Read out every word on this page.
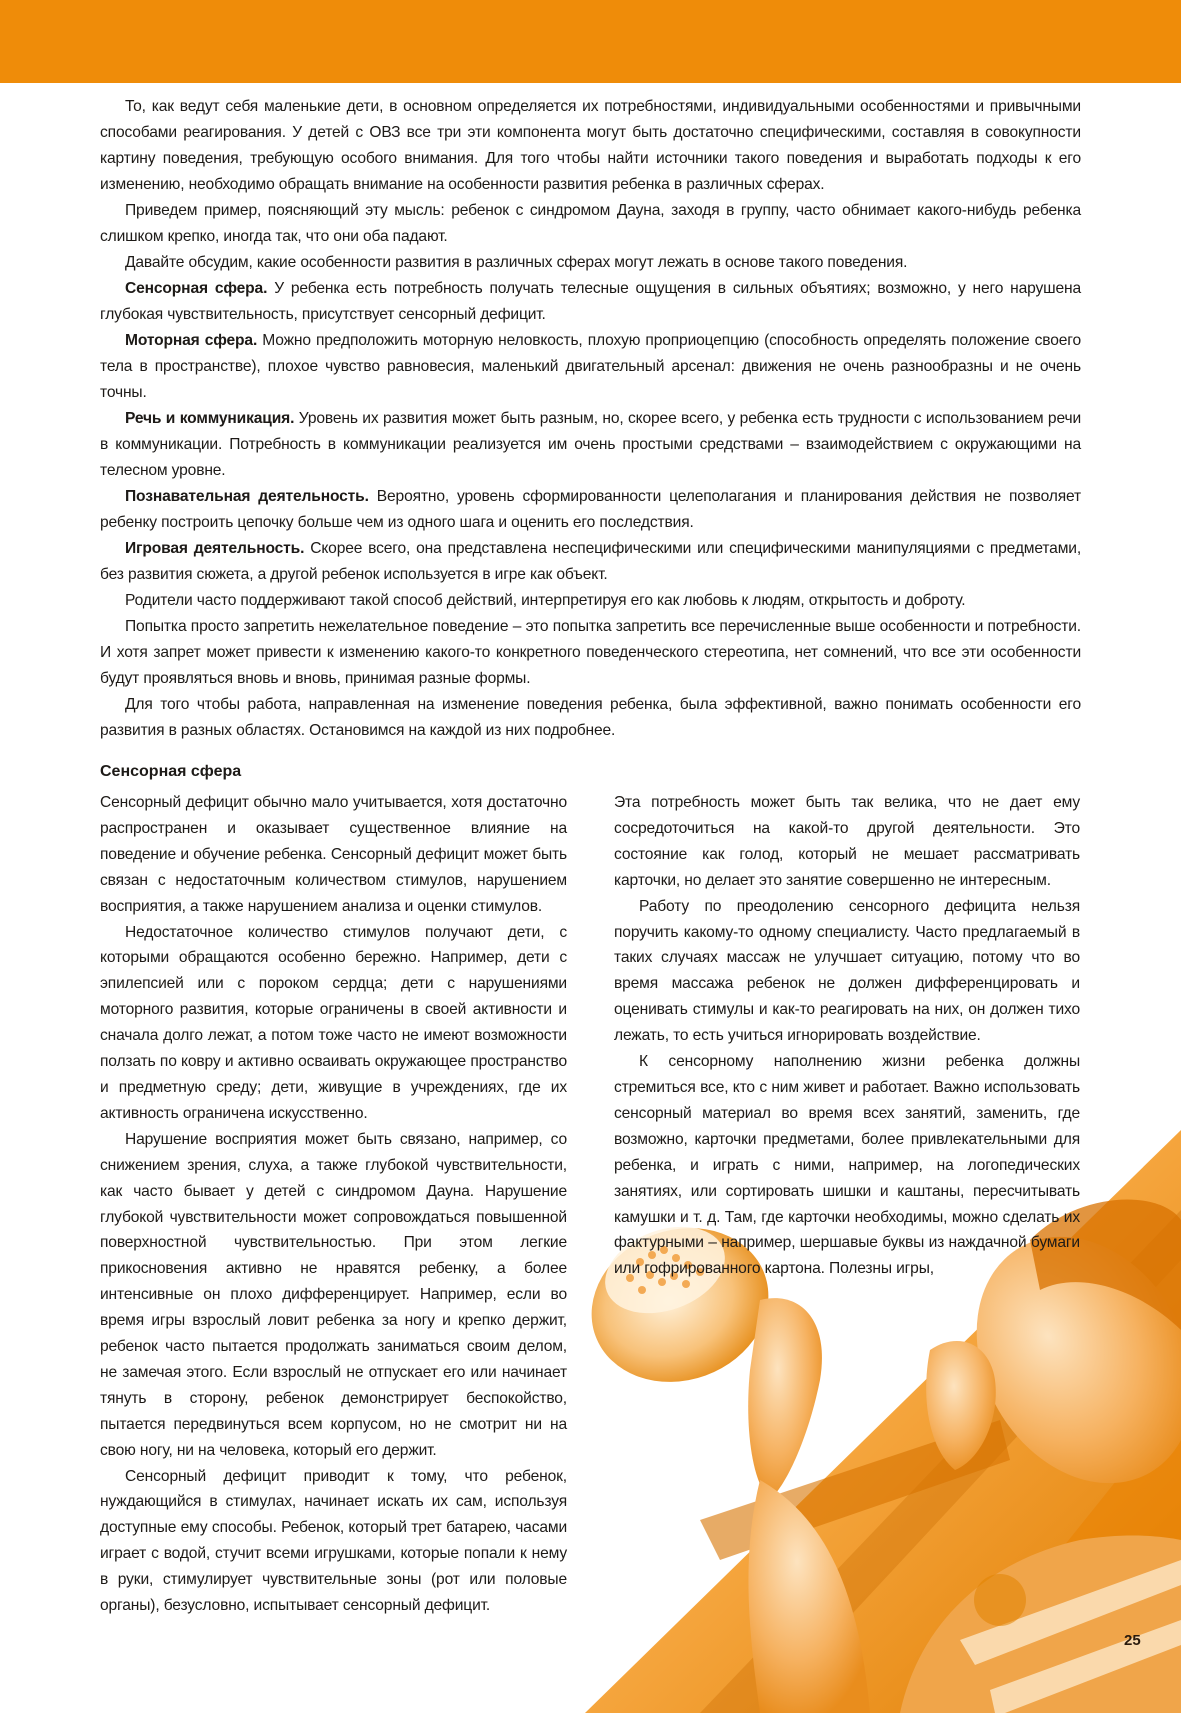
То, как ведут себя маленькие дети, в основном определяется их потребностями, индивидуальными особенностями и привычными способами реагирования. У детей с ОВЗ все три эти компонента могут быть достаточно специфическими, составляя в совокупности картину поведения, требующую особого внимания. Для того чтобы найти источники такого поведения и выработать подходы к его изменению, необходимо обращать внимание на особенности развития ребенка в различных сферах.

Приведем пример, поясняющий эту мысль: ребенок с синдромом Дауна, заходя в группу, часто обнимает какого-нибудь ребенка слишком крепко, иногда так, что они оба падают.

Давайте обсудим, какие особенности развития в различных сферах могут лежать в основе такого поведения.

Сенсорная сфера. У ребенка есть потребность получать телесные ощущения в сильных объятиях; возможно, у него нарушена глубокая чувствительность, присутствует сенсорный дефицит.

Моторная сфера. Можно предположить моторную неловкость, плохую проприоцепцию (способность определять положение своего тела в пространстве), плохое чувство равновесия, маленький двигательный арсенал: движения не очень разнообразны и не очень точны.

Речь и коммуникация. Уровень их развития может быть разным, но, скорее всего, у ребенка есть трудности с использованием речи в коммуникации. Потребность в коммуникации реализуется им очень простыми средствами – взаимодействием с окружающими на телесном уровне.

Познавательная деятельность. Вероятно, уровень сформированности целеполагания и планирования действия не позволяет ребенку построить цепочку больше чем из одного шага и оценить его последствия.

Игровая деятельность. Скорее всего, она представлена неспецифическими или специфическими манипуляциями с предметами, без развития сюжета, а другой ребенок используется в игре как объект.

Родители часто поддерживают такой способ действий, интерпретируя его как любовь к людям, открытость и доброту.

Попытка просто запретить нежелательное поведение – это попытка запретить все перечисленные выше особенности и потребности. И хотя запрет может привести к изменению какого-то конкретного поведенческого стереотипа, нет сомнений, что все эти особенности будут проявляться вновь и вновь, принимая разные формы.

Для того чтобы работа, направленная на изменение поведения ребенка, была эффективной, важно понимать особенности его развития в разных областях. Остановимся на каждой из них подробнее.

Сенсорная сфера

Сенсорный дефицит обычно мало учитывается, хотя достаточно распространен и оказывает существенное влияние на поведение и обучение ребенка. Сенсорный дефицит может быть связан с недостаточным количеством стимулов, нарушением восприятия, а также нарушением анализа и оценки стимулов.

Недостаточное количество стимулов получают дети, с которыми обращаются особенно бережно. Например, дети с эпилепсией или с пороком сердца; дети с нарушениями моторного развития, которые ограничены в своей активности и сначала долго лежат, а потом тоже часто не имеют возможности ползать по ковру и активно осваивать окружающее пространство и предметную среду; дети, живущие в учреждениях, где их активность ограничена искусственно.

Нарушение восприятия может быть связано, например, со снижением зрения, слуха, а также глубокой чувствительности, как часто бывает у детей с синдромом Дауна. Нарушение глубокой чувствительности может сопровождаться повышенной поверхностной чувствительностью. При этом легкие прикосновения активно не нравятся ребенку, а более интенсивные он плохо дифференцирует. Например, если во время игры взрослый ловит ребенка за ногу и крепко держит, ребенок часто пытается продолжать заниматься своим делом, не замечая этого. Если взрослый не отпускает его или начинает тянуть в сторону, ребенок демонстрирует беспокойство, пытается передвинуться всем корпусом, но не смотрит ни на свою ногу, ни на человека, который его держит.

Сенсорный дефицит приводит к тому, что ребенок, нуждающийся в стимулах, начинает искать их сам, используя доступные ему способы. Ребенок, который трет батарею, часами играет с водой, стучит всеми игрушками, которые попали к нему в руки, стимулирует чувствительные зоны (рот или половые органы), безусловно, испытывает сенсорный дефицит.

Эта потребность может быть так велика, что не дает ему сосредоточиться на какой-то другой деятельности. Это состояние как голод, который не мешает рассматривать карточки, но делает это занятие совершенно не интересным.

Работу по преодолению сенсорного дефицита нельзя поручить какому-то одному специалисту. Часто предлагаемый в таких случаях массаж не улучшает ситуацию, потому что во время массажа ребенок не должен дифференцировать и оценивать стимулы и как-то реагировать на них, он должен тихо лежать, то есть учиться игнорировать воздействие.

К сенсорному наполнению жизни ребенка должны стремиться все, кто с ним живет и работает. Важно использовать сенсорный материал во время всех занятий, заменить, где возможно, карточки предметами, более привлекательными для ребенка, и играть с ними, например, на логопедических занятиях, или сортировать шишки и каштаны, пересчитывать камушки и т. д. Там, где карточки необходимы, можно сделать их фактурными – например, шершавые буквы из наждачной бумаги или гофрированного картона. Полезны игры,

25
